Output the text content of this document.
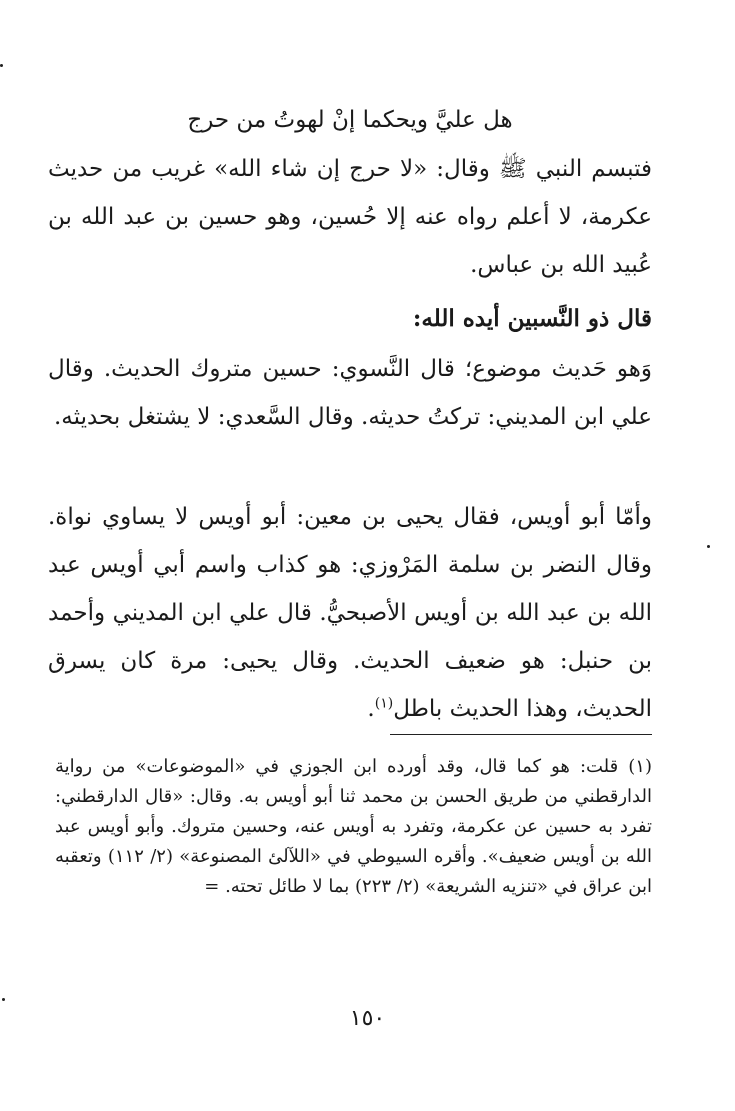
هل عليَّ ويحكما إنْ لهوتُ من حرج
فتبسم النبي ﷺ وقال: «لا حرج إن شاء الله» غريب من حديث عكرمة، لا أعلم رواه عنه إلا حُسين، وهو حسين بن عبد الله بن عُبيد الله بن عباس.
قال ذو النَّسبين أيده الله:
وَهو حَديث موضوع؛ قال النَّسوي: حسين متروك الحديث. وقال علي ابن المديني: تركتُ حديثه. وقال السَّعدي: لا يشتغل بحديثه.
وأمّا أبو أويس، فقال يحيى بن معين: أبو أويس لا يساوي نواة. وقال النضر بن سلمة المَرْوزي: هو كذاب واسم أبي أويس عبد الله بن عبد الله بن أويس الأصبحيُّ. قال علي ابن المديني وأحمد بن حنبل: هو ضعيف الحديث. وقال يحيى: مرة كان يسرق الحديث، وهذا الحديث باطل$^{(١)}$.
(١) قلت: هو كما قال، وقد أورده ابن الجوزي في «الموضوعات» من رواية الدارقطني من طريق الحسن بن محمد ثنا أبو أويس به. وقال: «قال الدارقطني: تفرد به حسين عن عكرمة، وتفرد به أويس عنه، وحسين متروك. وأبو أويس عبد الله بن أويس ضعيف». وأقره السيوطي في «اللآلئ المصنوعة» (٢/ ١١٢) وتعقبه ابن عراق في «تنزيه الشريعة» (٢/ ٢٢٣) بما لا طائل تحته. =
١٥٠
